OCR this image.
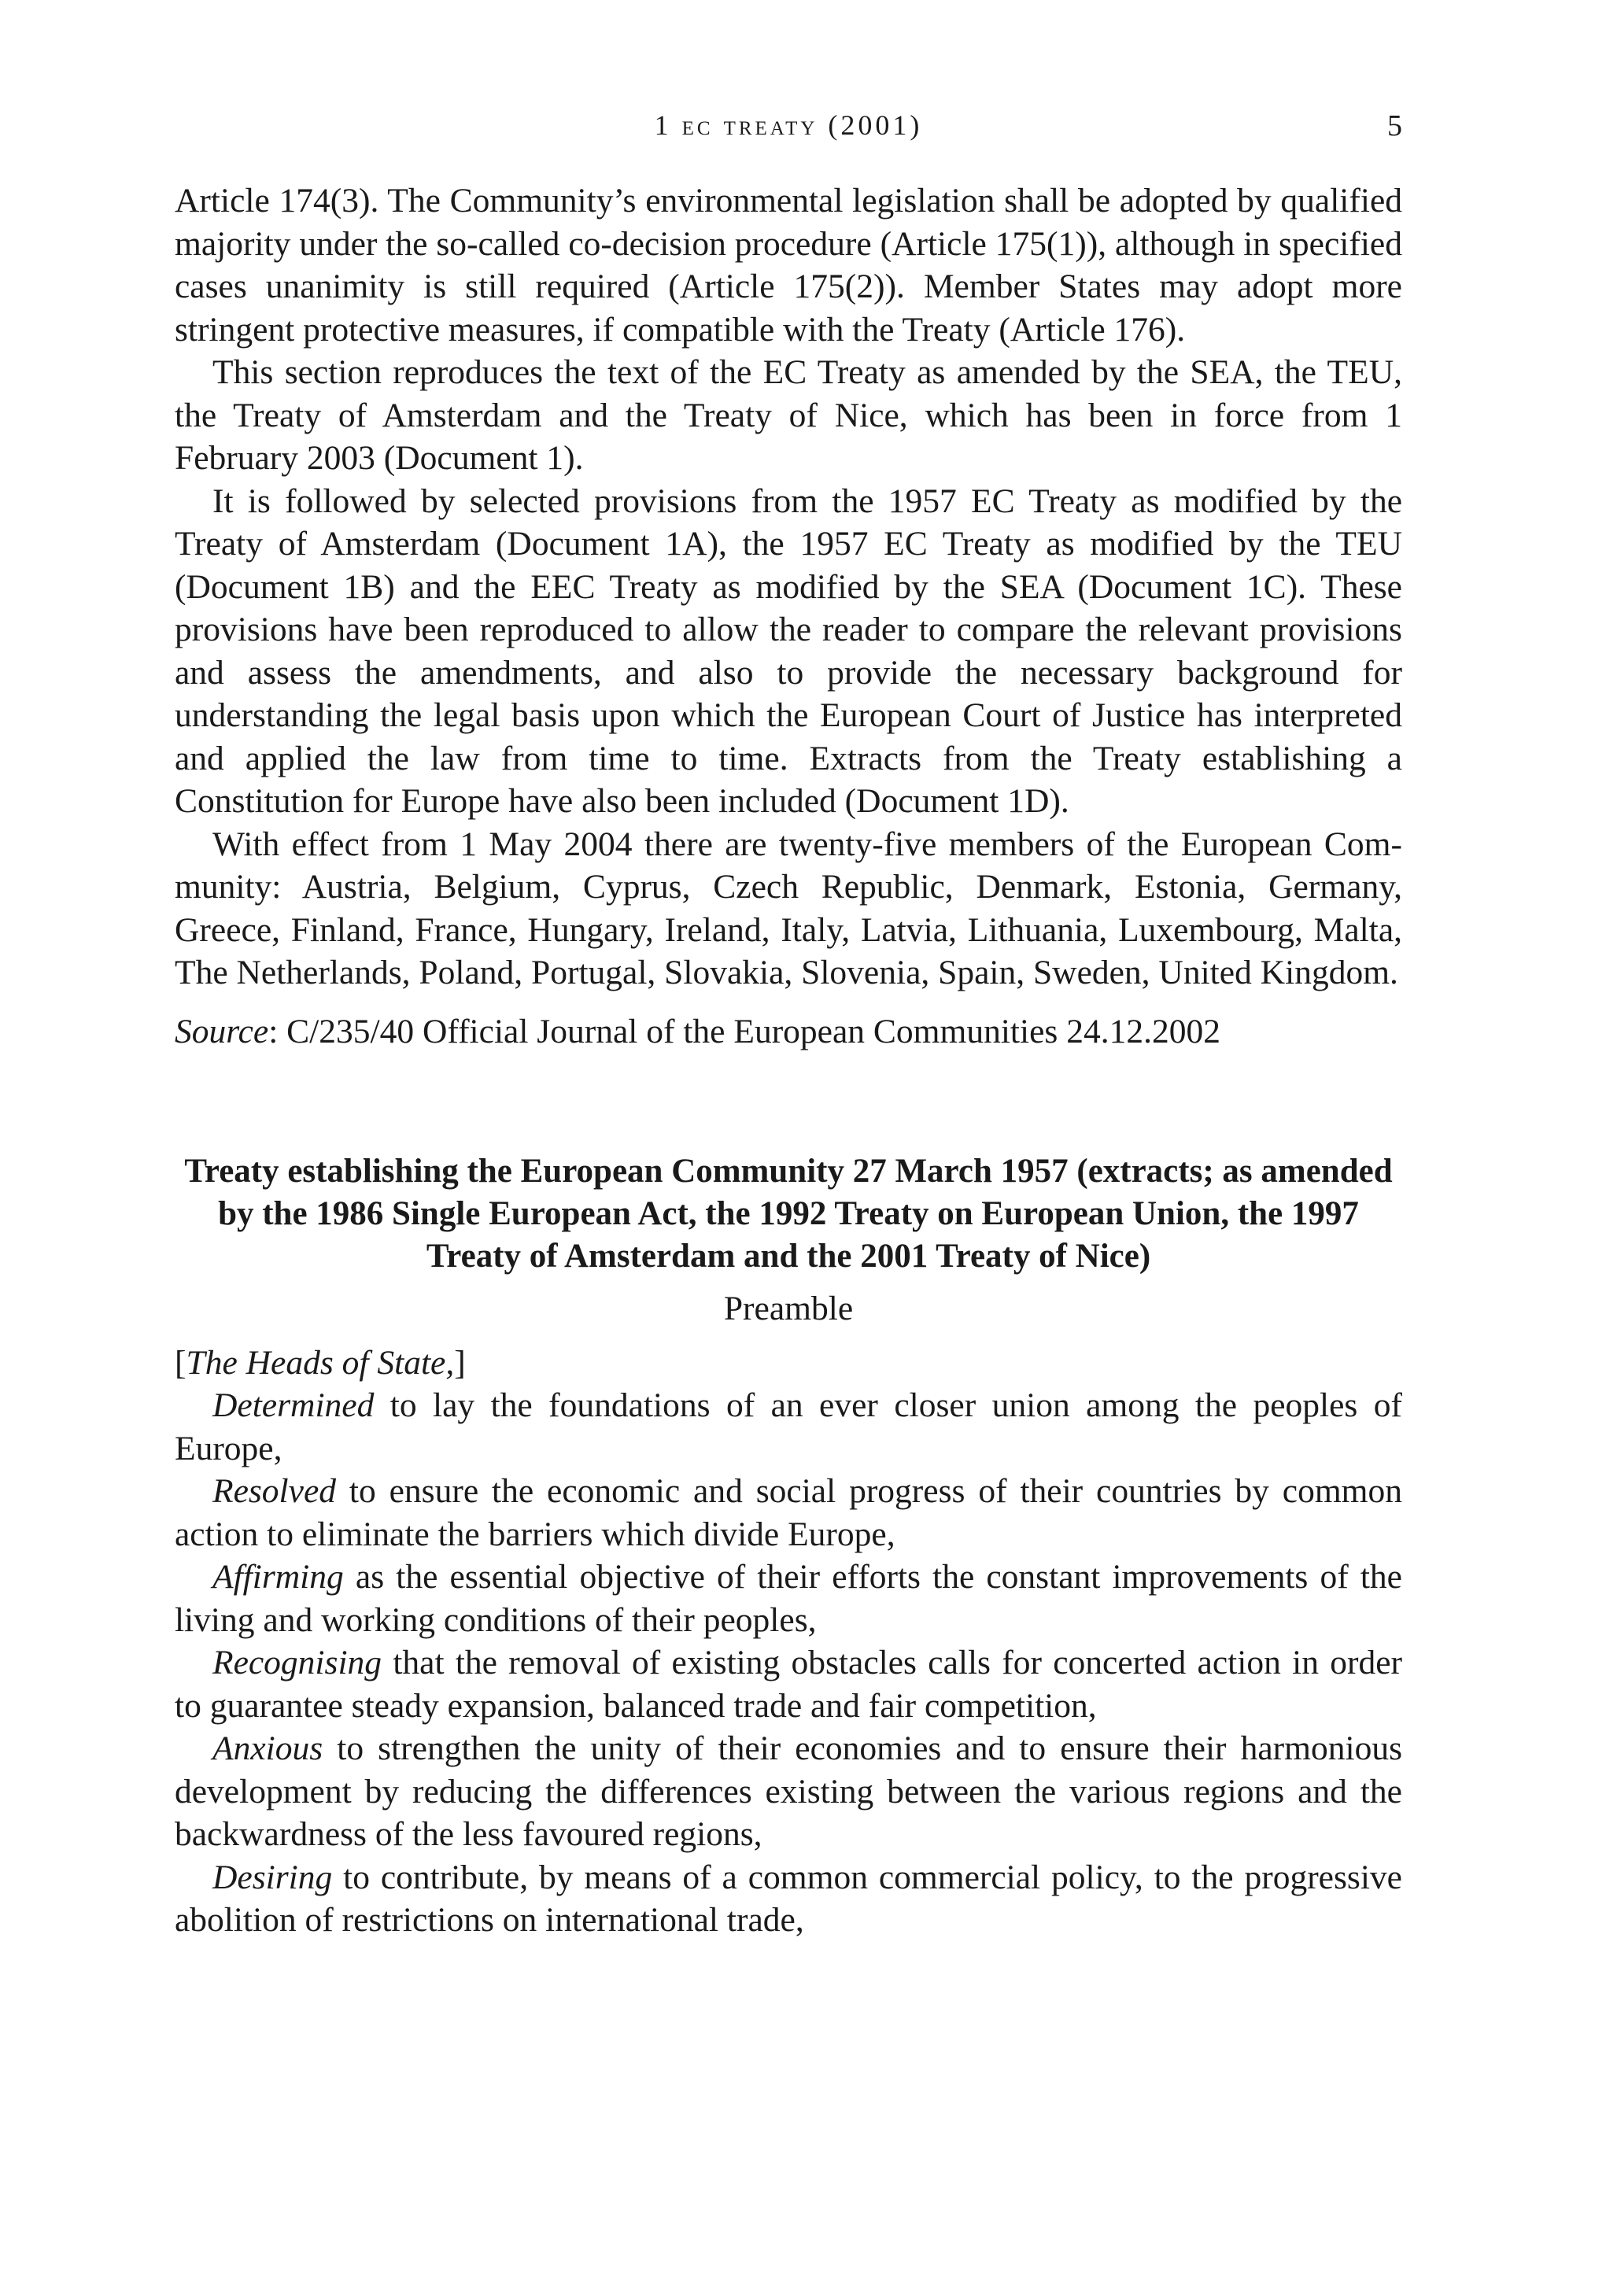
1 ec treaty (2001)	5

Article 174(3). The Community’s environmental legislation shall be adopted by qualified majority under the so-called co-decision procedure (Article 175(1)), although in specified cases unanimity is still required (Article 175(2)). Member States may adopt more stringent protective measures, if compatible with the Treaty (Article 176).

This section reproduces the text of the EC Treaty as amended by the SEA, the TEU, the Treaty of Amsterdam and the Treaty of Nice, which has been in force from 1 February 2003 (Document 1).

It is followed by selected provisions from the 1957 EC Treaty as modified by the Treaty of Amsterdam (Document 1A), the 1957 EC Treaty as modified by the TEU (Document 1B) and the EEC Treaty as modified by the SEA (Document 1C). These provisions have been reproduced to allow the reader to compare the relevant provisions and assess the amendments, and also to provide the necessary background for understanding the legal basis upon which the European Court of Justice has interpreted and applied the law from time to time. Extracts from the Treaty establishing a Constitution for Europe have also been included (Document 1D).

With effect from 1 May 2004 there are twenty-five members of the European Community: Austria, Belgium, Cyprus, Czech Republic, Denmark, Estonia, Germany, Greece, Finland, France, Hungary, Ireland, Italy, Latvia, Lithuania, Luxembourg, Malta, The Netherlands, Poland, Portugal, Slovakia, Slovenia, Spain, Sweden, United Kingdom.

Source: C/235/40 Official Journal of the European Communities 24.12.2002

Treaty establishing the European Community 27 March 1957 (extracts; as amended by the 1986 Single European Act, the 1992 Treaty on European Union, the 1997 Treaty of Amsterdam and the 2001 Treaty of Nice)

Preamble

[The Heads of State,]

Determined to lay the foundations of an ever closer union among the peoples of Europe,

Resolved to ensure the economic and social progress of their countries by common action to eliminate the barriers which divide Europe,

Affirming as the essential objective of their efforts the constant improvements of the living and working conditions of their peoples,

Recognising that the removal of existing obstacles calls for concerted action in order to guarantee steady expansion, balanced trade and fair competition,

Anxious to strengthen the unity of their economies and to ensure their harmonious development by reducing the differences existing between the various regions and the backwardness of the less favoured regions,

Desiring to contribute, by means of a common commercial policy, to the progressive abolition of restrictions on international trade,
